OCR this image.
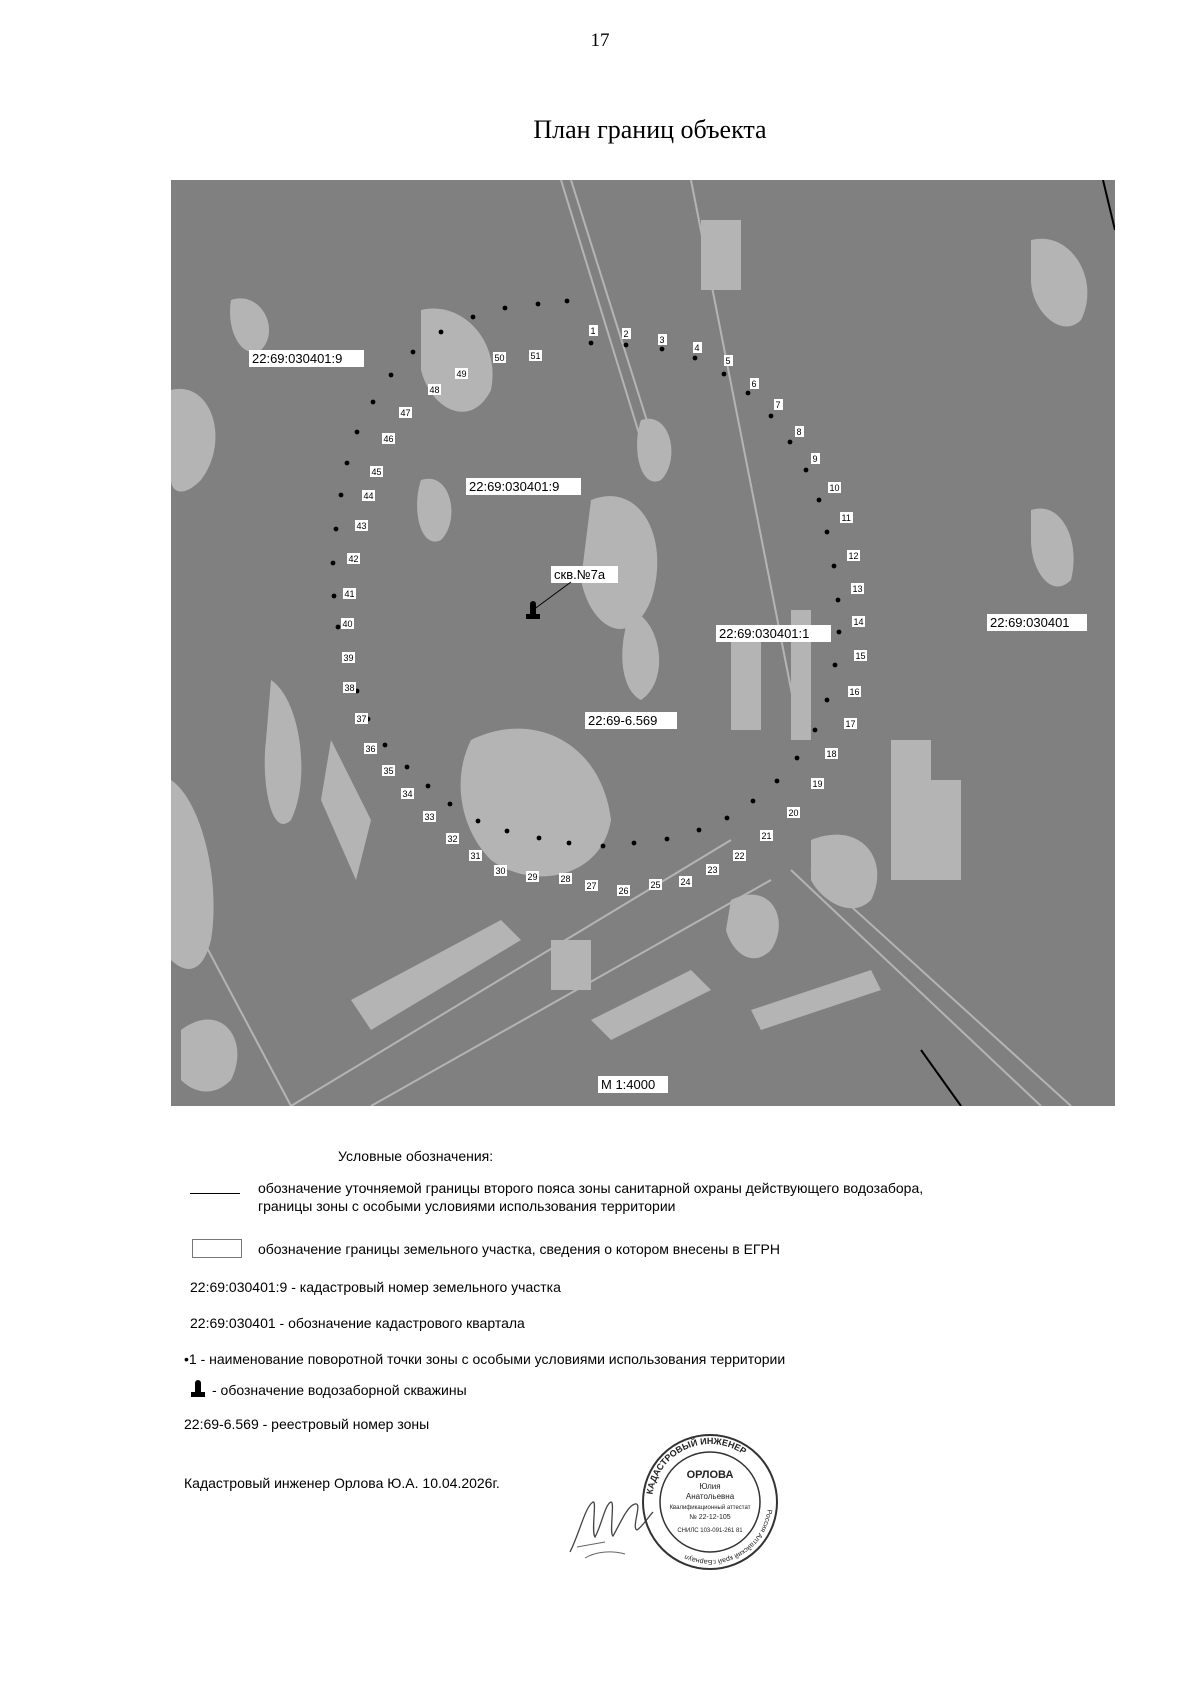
17
План границ объекта
1	2
3
4
5
6
7
8
9
10
11
12
13
14
15
16
17
18
19
20
21
22
23
24
25
26
27
28
29
30
31
32
33
34
35
36
37
38
39
40
41
42
43
44
45
46
47
48
49
50	51
22:69:030401:9
22:69:030401:9
22:69:030401:1
22:69:030401
22:69-6.569
скв.№7а
М 1:4000
Условные обозначения:
обозначение уточняемой границы второго пояса зоны санитарной охраны действующего водозабора,
границы зоны с особыми условиями использования территории
обозначение границы земельного участка, сведения о котором внесены в ЕГРН
22:69:030401:9 - кадастровый номер земельного участка
22:69:030401 - обозначение кадастрового квартала
•1 - наименование поворотной точки зоны с особыми условиями использования территории
- обозначение водозаборной скважины
22:69-6.569 - реестровый номер зоны
Кадастровый инженер Орлова Ю.А. 10.04.2026г.
КАДАСТРОВЫЙ ИНЖЕНЕР
Россия Алтайский край г.Барнаул
ОРЛОВА
Юлия
Анатольевна
Квалификационный аттестат
№ 22-12-105
СНИЛС 103-091-261 81
